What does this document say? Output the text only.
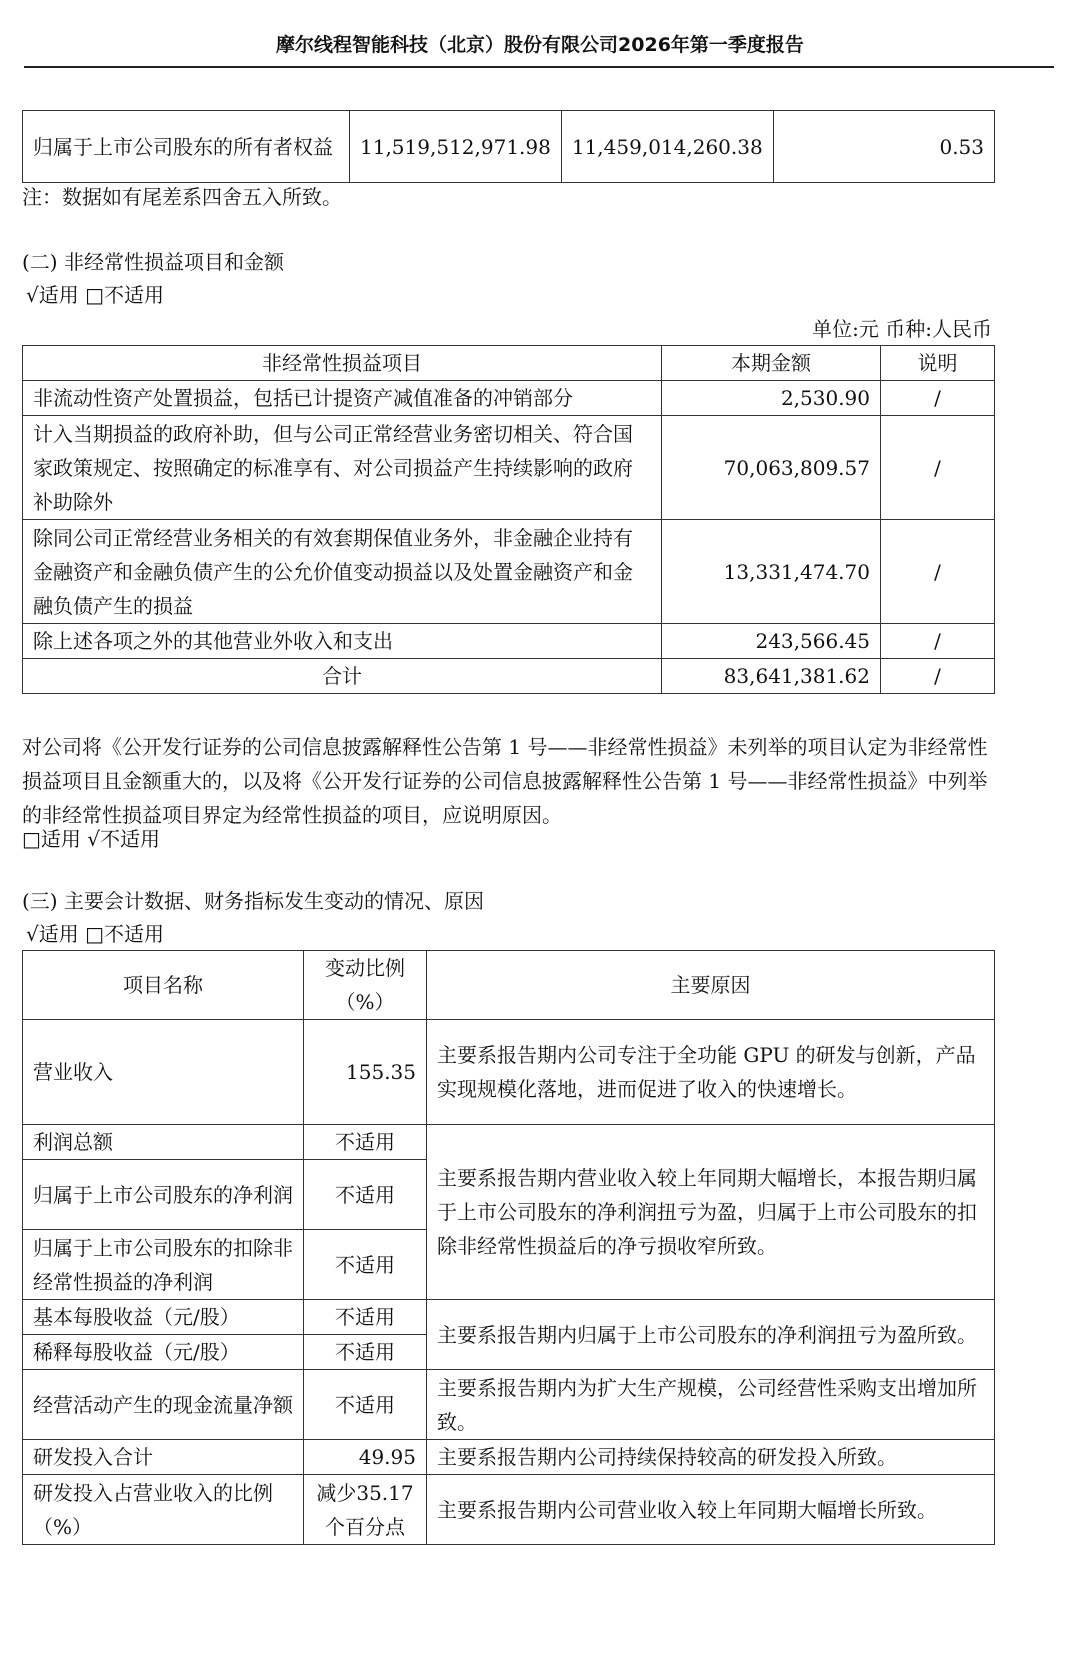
摩尔线程智能科技（北京）股份有限公司2026年第一季度报告
归属于上市公司股东的所有者权益	11,519,512,971.98	11,459,014,260.38	0.53
注：数据如有尾差系四舍五入所致。
(二) 非经常性损益项目和金额
√适用 □不适用
单位:元 币种:人民币
非经常性损益项目	本期金额	说明
非流动性资产处置损益，包括已计提资产减值准备的冲销部分	2,530.90	/
计入当期损益的政府补助，但与公司正常经营业务密切相关、符合国家政策规定、按照确定的标准享有、对公司损益产生持续影响的政府补助除外	70,063,809.57	/
除同公司正常经营业务相关的有效套期保值业务外，非金融企业持有金融资产和金融负债产生的公允价值变动损益以及处置金融资产和金融负债产生的损益	13,331,474.70	/
除上述各项之外的其他营业外收入和支出	243,566.45	/
合计	83,641,381.62	/
对公司将《公开发行证券的公司信息披露解释性公告第 1 号——非经常性损益》未列举的项目认定为非经常性损益项目且金额重大的，以及将《公开发行证券的公司信息披露解释性公告第 1 号——非经常性损益》中列举的非经常性损益项目界定为经常性损益的项目，应说明原因。
□适用 √不适用
(三) 主要会计数据、财务指标发生变动的情况、原因
√适用 □不适用
项目名称	变动比例（%）	主要原因
营业收入	155.35	主要系报告期内公司专注于全功能 GPU 的研发与创新，产品实现规模化落地，进而促进了收入的快速增长。
利润总额	不适用	主要系报告期内营业收入较上年同期大幅增长，本报告期归属于上市公司股东的净利润扭亏为盈，归属于上市公司股东的扣除非经常性损益后的净亏损收窄所致。
归属于上市公司股东的净利润	不适用	
归属于上市公司股东的扣除非经常性损益的净利润	不适用	
基本每股收益（元/股）	不适用	主要系报告期内归属于上市公司股东的净利润扭亏为盈所致。
稀释每股收益（元/股）	不适用	
经营活动产生的现金流量净额	不适用	主要系报告期内为扩大生产规模，公司经营性采购支出增加所致。
研发投入合计	49.95	主要系报告期内公司持续保持较高的研发投入所致。
研发投入占营业收入的比例（%）	减少35.17个百分点	主要系报告期内公司营业收入较上年同期大幅增长所致。
